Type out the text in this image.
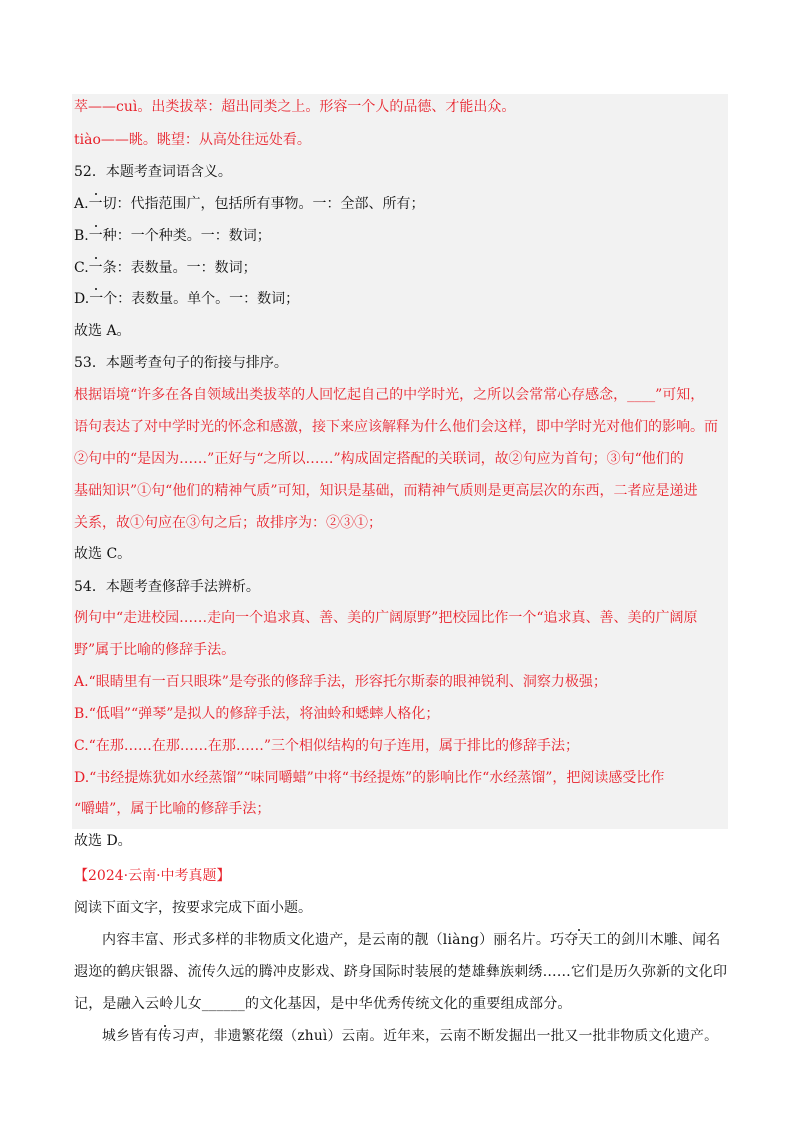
萃——cuì。出类拔萃：超出同类之上。形容一个人的品德、才能出众。
tiào——眺。眺望：从高处往远处看。
52．本题考查词语含义。
A.一切：代指范围广，包括所有事物。一：全部、所有；
B.一种：一个种类。一：数词；
C.一条：表数量。一：数词；
D.一个：表数量。单个。一：数词；
故选 A。
53．本题考查句子的衔接与排序。
根据语境“许多在各自领域出类拔萃的人回忆起自己的中学时光，之所以会常常心存感念，____”可知，
语句表达了对中学时光的怀念和感激，接下来应该解释为什么他们会这样，即中学时光对他们的影响。而
②句中的“是因为……”正好与“之所以……”构成固定搭配的关联词，故②句应为首句；③句“他们的
基础知识”①句“他们的精神气质”可知，知识是基础，而精神气质则是更高层次的东西，二者应是递进
关系，故①句应在③句之后；故排序为：②③①；
故选 C。
54．本题考查修辞手法辨析。
例句中“走进校园……走向一个追求真、善、美的广阔原野”把校园比作一个“追求真、善、美的广阔原
野”属于比喻的修辞手法。
A.“眼睛里有一百只眼珠”是夸张的修辞手法，形容托尔斯泰的眼神锐利、洞察力极强；
B.“低唱”“弹琴”是拟人的修辞手法，将油蛉和蟋蟀人格化；
C.“在那……在那……在那……”三个相似结构的句子连用，属于排比的修辞手法；
D.“书经提炼犹如水经蒸馏”“味同嚼蜡”中将“书经提炼”的影响比作“水经蒸馏”，把阅读感受比作
“嚼蜡”，属于比喻的修辞手法；
故选 D。
【2024·云南·中考真题】
阅读下面文字，按要求完成下面小题。
内容丰富、形式多样的非物质文化遗产，是云南的靓（liàng）丽名片。巧夺天工的剑川木雕、闻名
遐迩的鹤庆银器、流传久远的腾冲皮影戏、跻身国际时装展的楚雄彝族刺绣……它们是历久弥新的文化印
记，是融入云岭儿女______的文化基因，是中华优秀传统文化的重要组成部分。
城乡皆有传习声，非遗繁花缀（zhuì）云南。近年来，云南不断发掘出一批又一批非物质文化遗产。
